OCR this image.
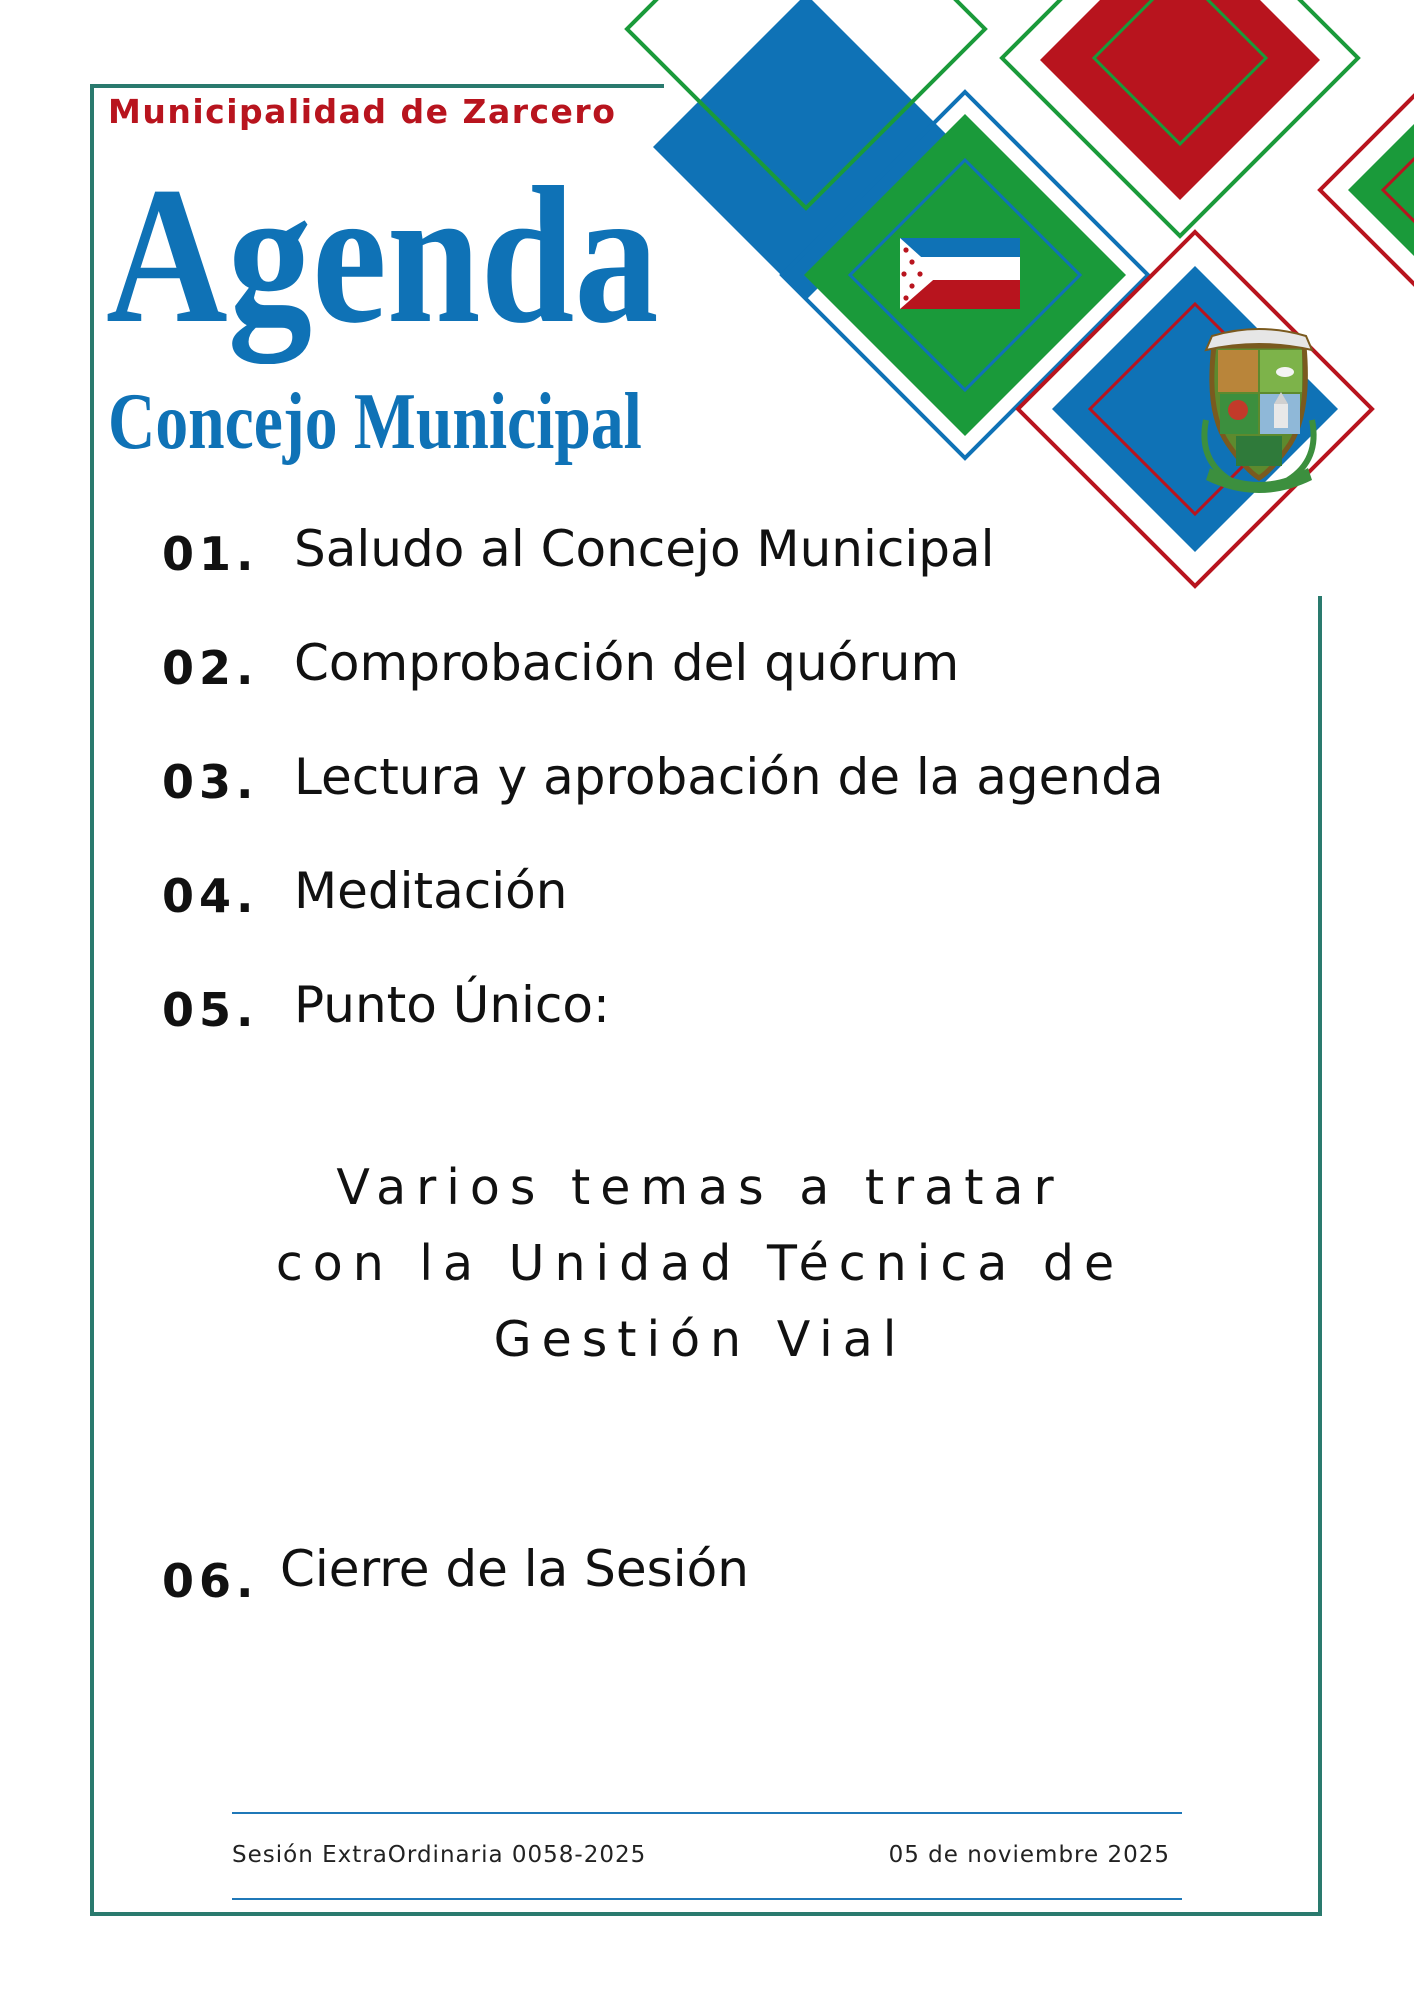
Municipalidad de Zarcero

Agenda
Concejo Municipal
01. Saludo al Concejo Municipal
02. Comprobación del quórum
03. Lectura y aprobación de la agenda
04. Meditación
05. Punto Único:
Varios temas a tratar
con la Unidad Técnica de
Gestión Vial
06. Cierre de la Sesión
Sesión ExtraOrdinaria 0058-2025	05 de noviembre 2025
